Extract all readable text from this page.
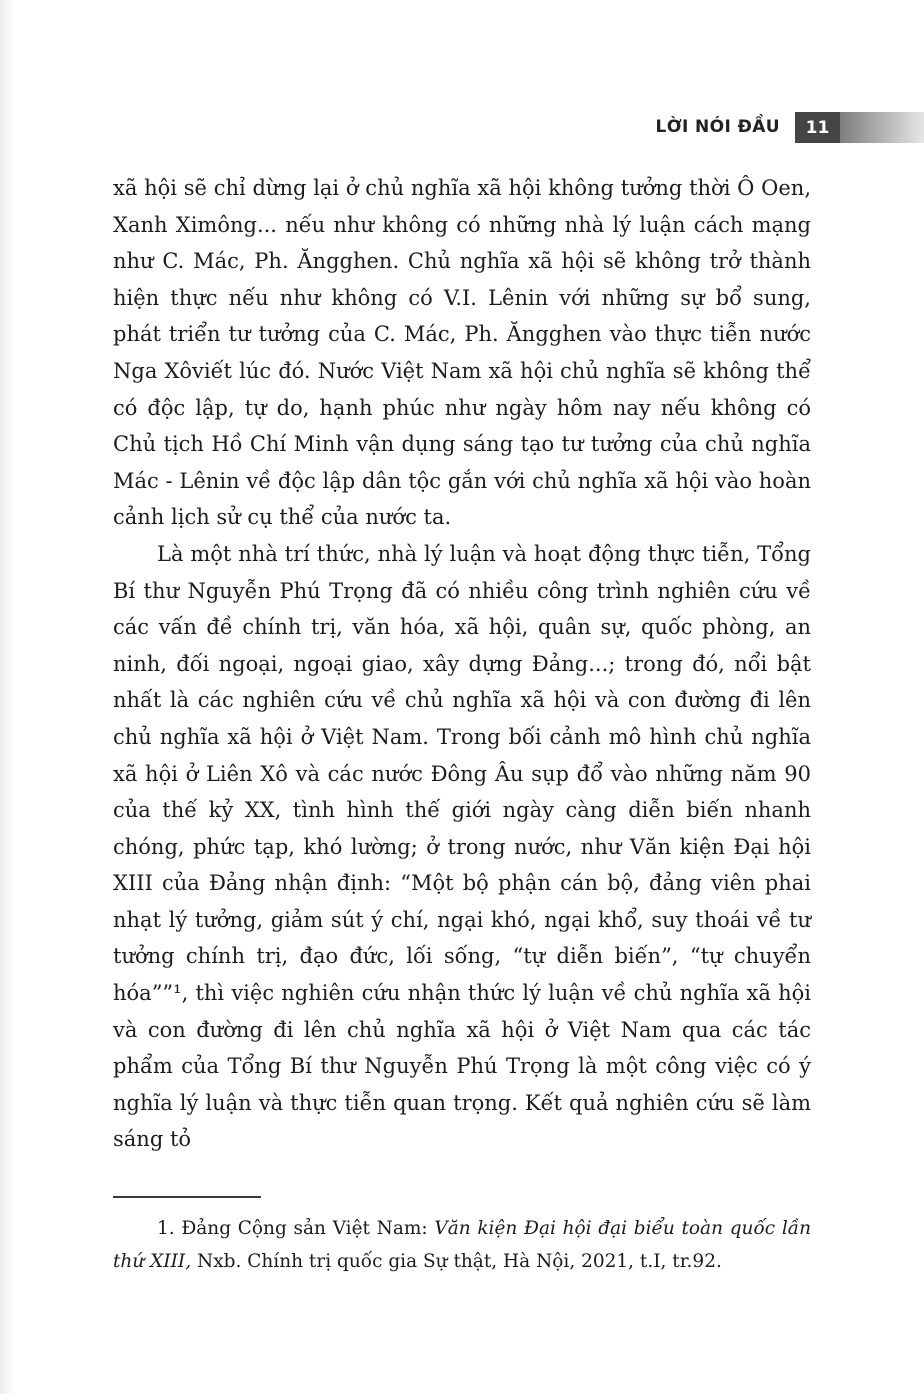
LỜI NÓI ĐẦU	11

xã hội sẽ chỉ dừng lại ở chủ nghĩa xã hội không tưởng thời Ô Oen, Xanh Ximông... nếu như không có những nhà lý luận cách mạng như C. Mác, Ph. Ăngghen. Chủ nghĩa xã hội sẽ không trở thành hiện thực nếu như không có V.I. Lênin với những sự bổ sung, phát triển tư tưởng của C. Mác, Ph. Ăngghen vào thực tiễn nước Nga Xôviết lúc đó. Nước Việt Nam xã hội chủ nghĩa sẽ không thể có độc lập, tự do, hạnh phúc như ngày hôm nay nếu không có Chủ tịch Hồ Chí Minh vận dụng sáng tạo tư tưởng của chủ nghĩa Mác - Lênin về độc lập dân tộc gắn với chủ nghĩa xã hội vào hoàn cảnh lịch sử cụ thể của nước ta.

Là một nhà trí thức, nhà lý luận và hoạt động thực tiễn, Tổng Bí thư Nguyễn Phú Trọng đã có nhiều công trình nghiên cứu về các vấn đề chính trị, văn hóa, xã hội, quân sự, quốc phòng, an ninh, đối ngoại, ngoại giao, xây dựng Đảng...; trong đó, nổi bật nhất là các nghiên cứu về chủ nghĩa xã hội và con đường đi lên chủ nghĩa xã hội ở Việt Nam. Trong bối cảnh mô hình chủ nghĩa xã hội ở Liên Xô và các nước Đông Âu sụp đổ vào những năm 90 của thế kỷ XX, tình hình thế giới ngày càng diễn biến nhanh chóng, phức tạp, khó lường; ở trong nước, như Văn kiện Đại hội XIII của Đảng nhận định: “Một bộ phận cán bộ, đảng viên phai nhạt lý tưởng, giảm sút ý chí, ngại khó, ngại khổ, suy thoái về tư tưởng chính trị, đạo đức, lối sống, “tự diễn biến”, “tự chuyển hóa””¹, thì việc nghiên cứu nhận thức lý luận về chủ nghĩa xã hội và con đường đi lên chủ nghĩa xã hội ở Việt Nam qua các tác phẩm của Tổng Bí thư Nguyễn Phú Trọng là một công việc có ý nghĩa lý luận và thực tiễn quan trọng. Kết quả nghiên cứu sẽ làm sáng tỏ

1. Đảng Cộng sản Việt Nam: Văn kiện Đại hội đại biểu toàn quốc lần thứ XIII, Nxb. Chính trị quốc gia Sự thật, Hà Nội, 2021, t.I, tr.92.
